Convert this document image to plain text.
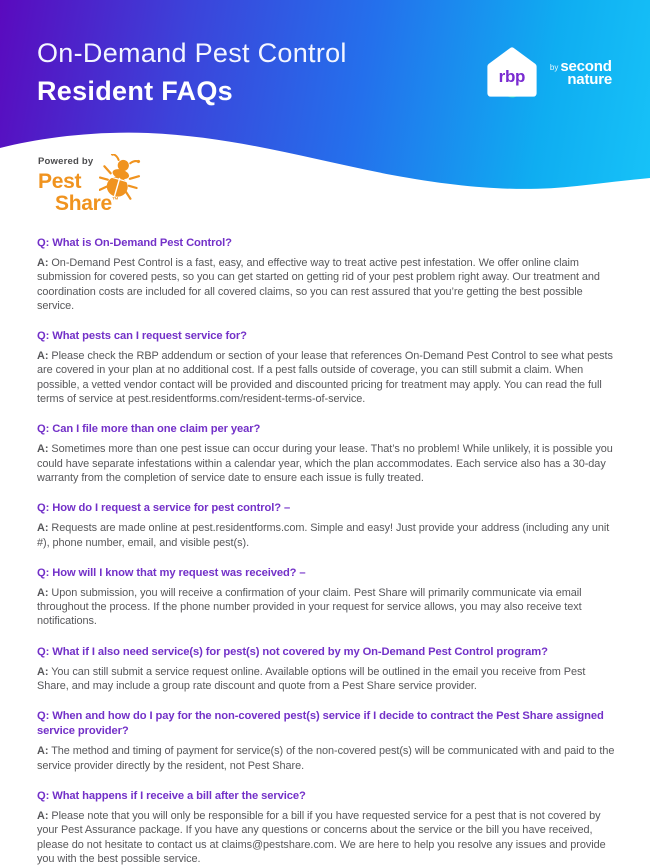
On-Demand Pest Control
Resident FAQs	rbp	by second
nature
Powered by
Pest
Share™
Q: What is On-Demand Pest Control?

A: On-Demand Pest Control is a fast, easy, and effective way to treat active pest infestation. We offer online claim submission for covered pests, so you can get started on getting rid of your pest problem right away. Our treatment and coordination costs are included for all covered claims, so you can rest assured that you’re getting the best possible service.

Q: What pests can I request service for?

A: Please check the RBP addendum or section of your lease that references On-Demand Pest Control to see what pests are covered in your plan at no additional cost. If a pest falls outside of coverage, you can still submit a claim. When possible, a vetted vendor contact will be provided and discounted pricing for treatment may apply. You can read the full terms of service at pest.residentforms.com/resident-terms-of-service.

Q: Can I file more than one claim per year?

A: Sometimes more than one pest issue can occur during your lease. That’s no problem! While unlikely, it is possible you could have separate infestations within a calendar year, which the plan accommodates. Each service also has a 30-day warranty from the completion of service date to ensure each issue is fully treated.

Q: How do I request a service for pest control? –

A: Requests are made online at pest.residentforms.com. Simple and easy! Just provide your address (including any unit #), phone number, email, and visible pest(s).

Q: How will I know that my request was received? –

A: Upon submission, you will receive a confirmation of your claim. Pest Share will primarily communicate via email throughout the process. If the phone number provided in your request for service allows, you may also receive text notifications.

Q: What if I also need service(s) for pest(s) not covered by my On-Demand Pest Control program?

A: You can still submit a service request online. Available options will be outlined in the email you receive from Pest Share, and may include a group rate discount and quote from a Pest Share service provider.

Q: When and how do I pay for the non-covered pest(s) service if I decide to contract the Pest Share assigned service provider?

A: The method and timing of payment for service(s) of the non-covered pest(s) will be communicated with and paid to the service provider directly by the resident, not Pest Share.

Q: What happens if I receive a bill after the service?

A: Please note that you will only be responsible for a bill if you have requested service for a pest that is not covered by your Pest Assurance package. If you have any questions or concerns about the service or the bill you have received, please do not hesitate to contact us at claims@pestshare.com. We are here to help you resolve any issues and provide you with the best possible service.
